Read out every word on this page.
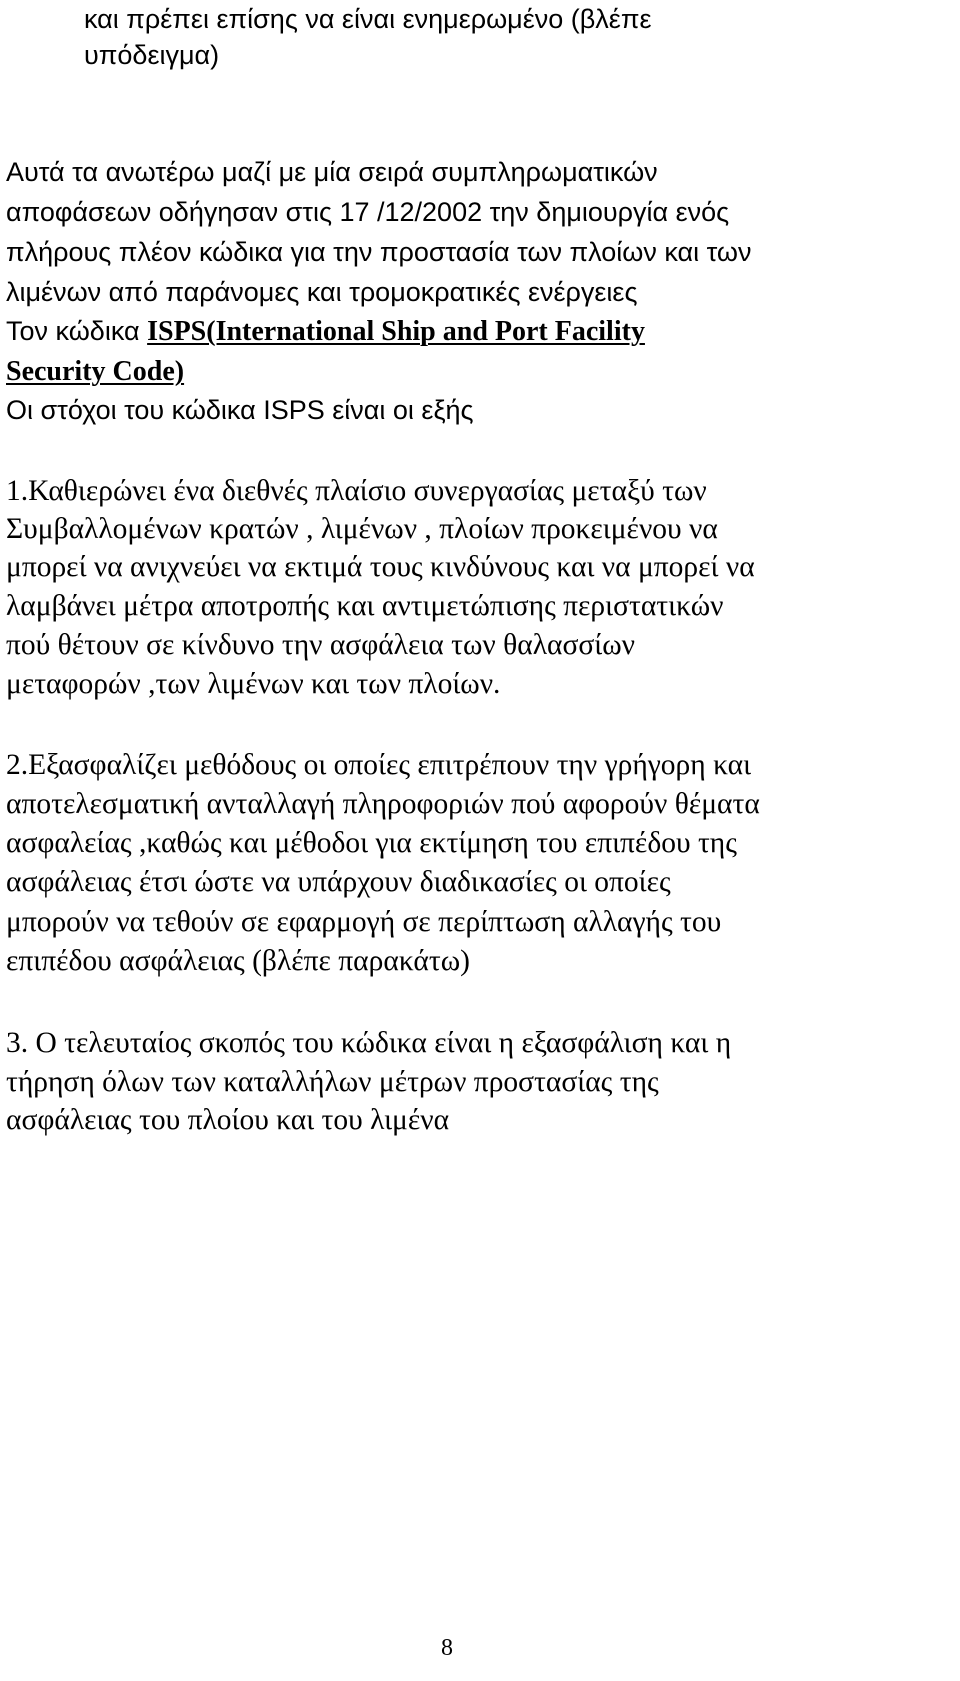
και πρέπει επίσης να είναι ενημερωμένο (βλέπε
υπόδειγμα)
Αυτά τα ανωτέρω μαζί με μία σειρά συμπληρωματικών
αποφάσεων οδήγησαν στις 17 /12/2002 την δημιουργία ενός
πλήρους πλέον κώδικα για την προστασία των πλοίων και των
λιμένων από παράνομες και τρομοκρατικές ενέργειες
Τον κώδικα ISPS(International Ship and Port Facility
Security Code)
Οι στόχοι του κώδικα ISPS είναι οι εξής
1.Καθιερώνει ένα διεθνές πλαίσιο συνεργασίας μεταξύ των
Συμβαλλομένων κρατών , λιμένων , πλοίων προκειμένου να
μπορεί να ανιχνεύει να εκτιμά τους κινδύνους και να μπορεί να
λαμβάνει μέτρα αποτροπής και αντιμετώπισης περιστατικών
πού θέτουν σε κίνδυνο την ασφάλεια των θαλασσίων
μεταφορών ,των λιμένων και των πλοίων.
2.Εξασφαλίζει μεθόδους οι οποίες επιτρέπουν την γρήγορη και
αποτελεσματική ανταλλαγή πληροφοριών πού αφορούν θέματα
ασφαλείας ,καθώς και μέθοδοι για εκτίμηση του επιπέδου της
ασφάλειας έτσι ώστε να υπάρχουν διαδικασίες οι οποίες
μπορούν να τεθούν σε εφαρμογή σε περίπτωση αλλαγής του
επιπέδου ασφάλειας (βλέπε παρακάτω)
3. Ο τελευταίος σκοπός του κώδικα είναι η εξασφάλιση και η
τήρηση όλων των καταλλήλων μέτρων προστασίας της
ασφάλειας του πλοίου και του λιμένα
8
